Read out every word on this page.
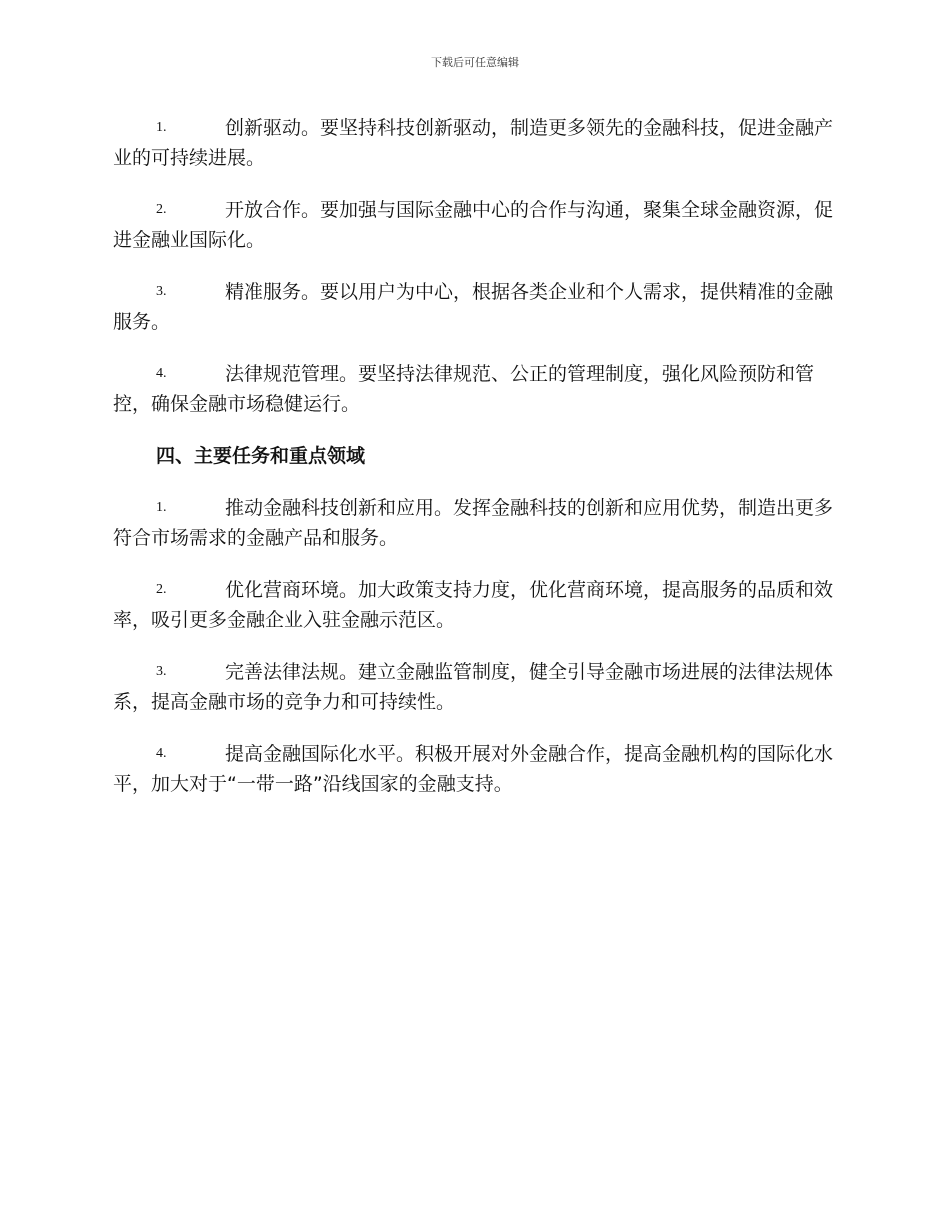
下载后可任意编辑

1.	创新驱动。要坚持科技创新驱动，制造更多领先的金融科技，促进金融产业的可持续进展。

2.	开放合作。要加强与国际金融中心的合作与沟通，聚集全球金融资源，促进金融业国际化。

3.	精准服务。要以用户为中心，根据各类企业和个人需求，提供精准的金融服务。

4.	法律规范管理。要坚持法律规范、公正的管理制度，强化风险预防和管控，确保金融市场稳健运行。

四、主要任务和重点领域

1.	推动金融科技创新和应用。发挥金融科技的创新和应用优势，制造出更多符合市场需求的金融产品和服务。

2.	优化营商环境。加大政策支持力度，优化营商环境，提高服务的品质和效率，吸引更多金融企业入驻金融示范区。

3.	完善法律法规。建立金融监管制度，健全引导金融市场进展的法律法规体系，提高金融市场的竞争力和可持续性。

4.	提高金融国际化水平。积极开展对外金融合作，提高金融机构的国际化水平，加大对于“一带一路”沿线国家的金融支持。
